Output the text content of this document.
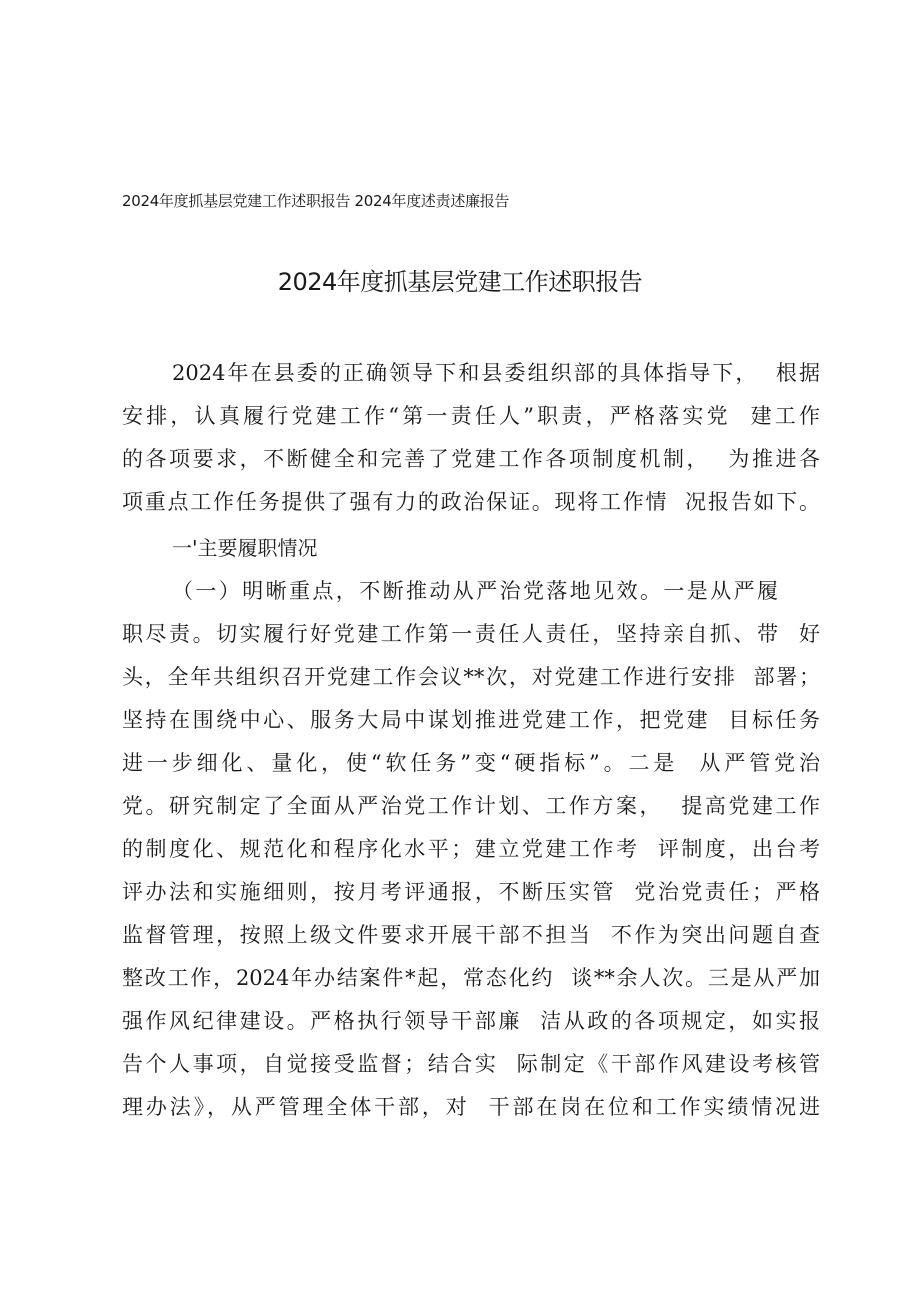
2024年度抓基层党建工作述职报告 2024年度述责述廉报告
2024年度抓基层党建工作述职报告
2024年在县委的正确领导下和县委组织部的具体指导下，  根据
安排，认真履行党建工作“第一责任人”职责，严格落实党  建工作
的各项要求，不断健全和完善了党建工作各项制度机制，  为推进各
项重点工作任务提供了强有力的政治保证。现将工作情  况报告如下。
一'主要履职情况
（一）明晰重点，不断推动从严治党落地见效。一是从严履
职尽责。切实履行好党建工作第一责任人责任，坚持亲自抓、带  好
头，全年共组织召开党建工作会议**次，对党建工作进行安排  部署；
坚持在围绕中心、服务大局中谋划推进党建工作，把党建  目标任务
进一步细化、量化，使“软任务”变“硬指标”。二是  从严管党治
党。研究制定了全面从严治党工作计划、工作方案，  提高党建工作
的制度化、规范化和程序化水平；建立党建工作考  评制度，出台考
评办法和实施细则，按月考评通报，不断压实管  党治党责任；严格
监督管理，按照上级文件要求开展干部不担当  不作为突出问题自查
整改工作，2024年办结案件*起，常态化约  谈**余人次。三是从严加
强作风纪律建设。严格执行领导干部廉  洁从政的各项规定，如实报
告个人事项，自觉接受监督；结合实  际制定《干部作风建设考核管
理办法》，从严管理全体干部，对  干部在岗在位和工作实绩情况进
